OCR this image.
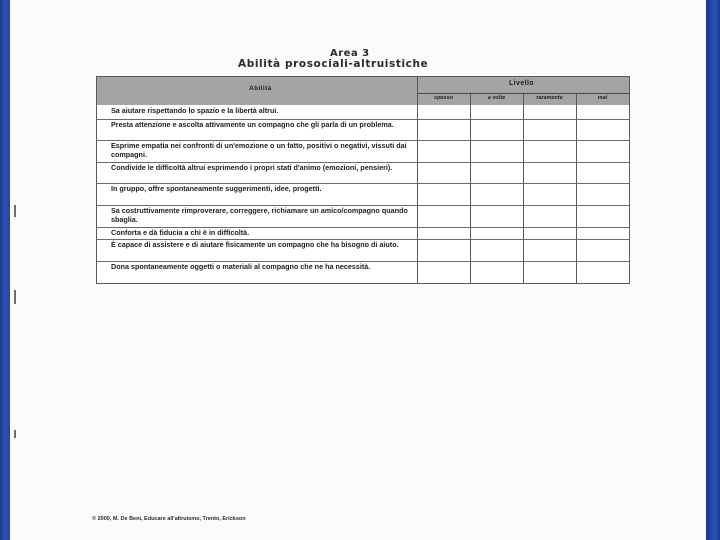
Area 3
Abilità prosociali-altruistiche
Abilità
Livello
spesso	a volte	raramente	mai
Sa aiutare rispettando lo spazio e la libertà altrui.
Presta attenzione e ascolta attivamente un compagno che gli parla di un problema.
Esprime empatia nei confronti di un'emozione o un fatto, positivi o negativi, vissuti dai compagni.
Condivide le difficoltà altrui esprimendo i propri stati d'animo (emozioni, pensieri).
In gruppo, offre spontaneamente suggerimenti, idee, progetti.
Sa costruttivamente rimproverare, correggere, richiamare un amico/compagno quando sbaglia.
Conforta e dà fiducia a chi è in difficoltà.
È capace di assistere e di aiutare fisicamente un compagno che ha bisogno di aiuto.
Dona spontaneamente oggetti o materiali al compagno che ne ha necessità.
© 2000, M. De Beni, Educare all'altruismo, Trento, Erickson
